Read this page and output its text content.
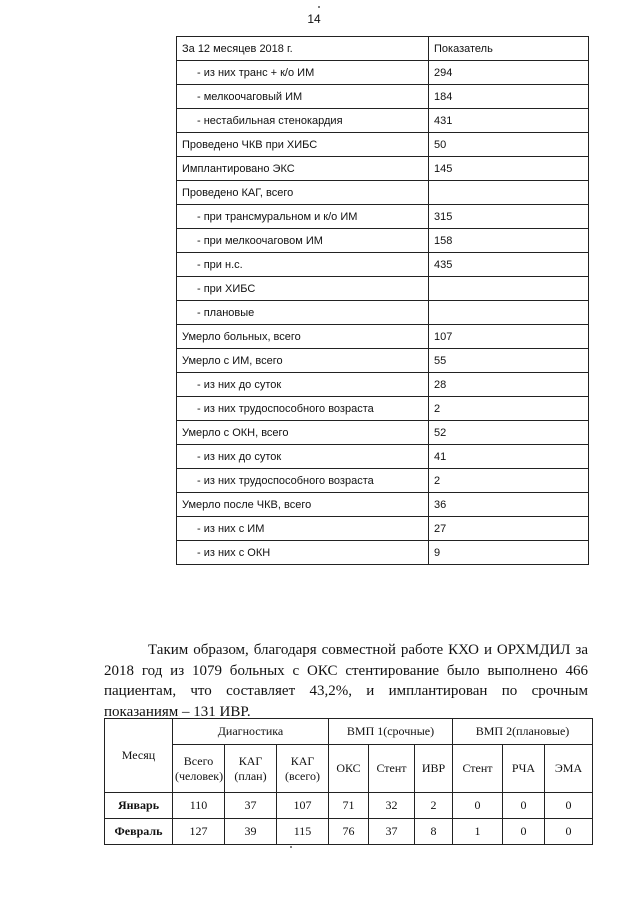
14
За 12 месяцев 2018 г.	Показатель
- из них транс + к/о ИМ	294
- мелкоочаговый ИМ	184
- нестабильная стенокардия	431
Проведено ЧКВ при ХИБС	50
Имплантировано ЭКС	145
Проведено КАГ, всего	
- при трансмуральном и к/о ИМ	315
- при мелкоочаговом ИМ	158
- при н.с.	435
- при ХИБС	
- плановые	
Умерло больных, всего	107
Умерло с ИМ, всего	55
- из них до суток	28
- из них трудоспособного возраста	2
Умерло с ОКН, всего	52
- из них до суток	41
- из них трудоспособного возраста	2
Умерло после ЧКВ, всего	36
- из них с ИМ	27
- из них с ОКН	9

Таким образом, благодаря совместной работе КХО и ОРХМДИЛ за 2018 год из 1079 больных с ОКС стентирование было выполнено 466 пациентам, что составляет 43,2%, и имплантирован по срочным показаниям – 131 ИВР.

Месяц	Диагностика			ВМП 1(срочные)			ВМП 2(плановые)		
	Всего (человек)	КАГ (план)	КАГ (всего)	ОКС	Стент	ИВР	Стент	РЧА	ЭМА
Январь	110	37	107	71	32	2	0	0	0
Февраль	127	39	115	76	37	8	1	0	0
